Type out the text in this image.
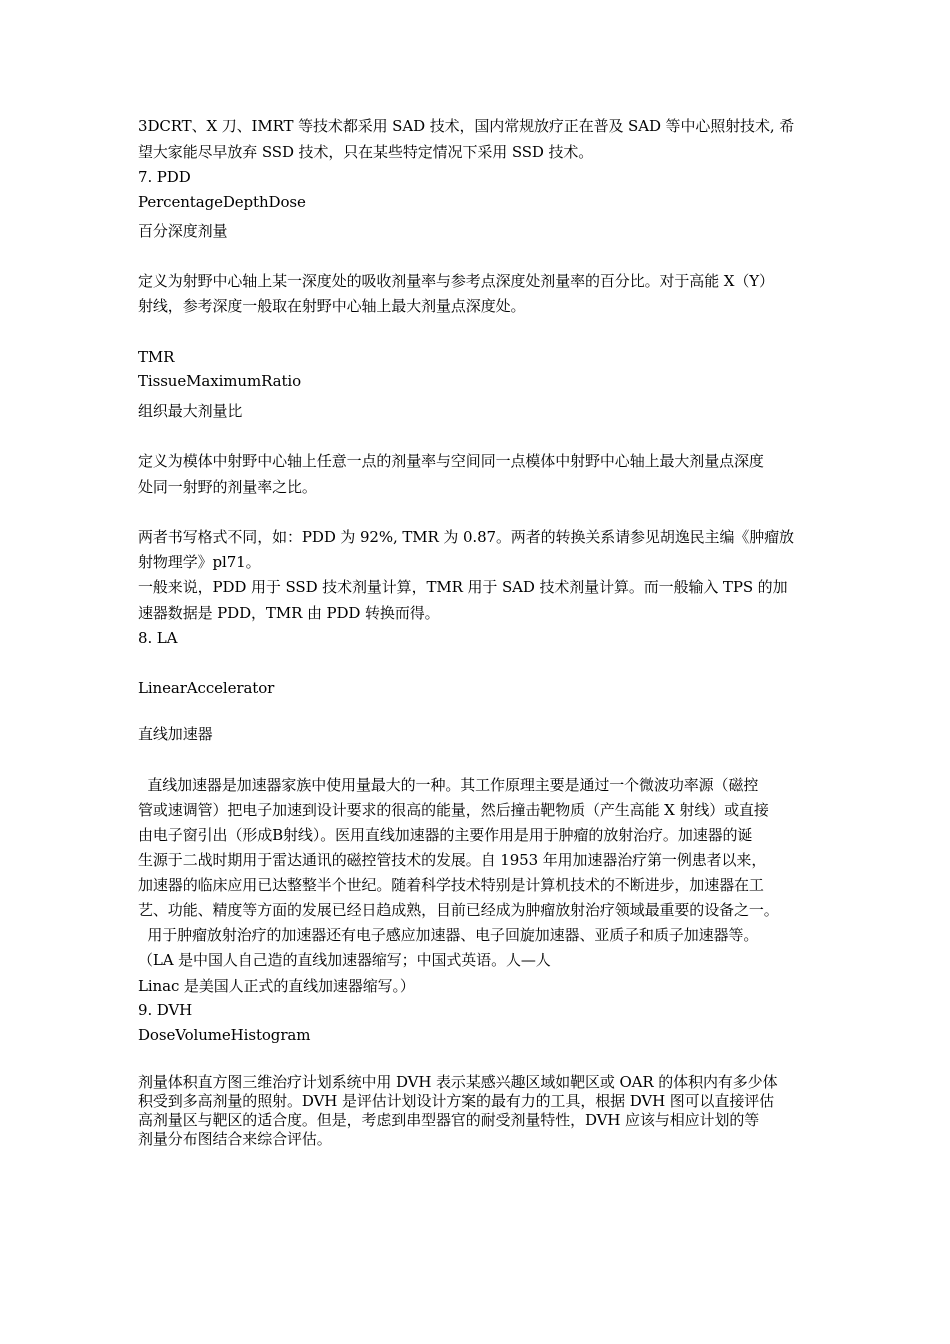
3DCRT、X 刀、IMRT 等技术都采用 SAD 技术，国内常规放疗正在普及 SAD 等中心照射技术, 希
望大家能尽早放弃 SSD 技术，只在某些特定情况下采用 SSD 技术。
7. PDD
PercentageDepthDose
百分深度剂量
定义为射野中心轴上某一深度处的吸收剂量率与参考点深度处剂量率的百分比。对于高能 X（Y）
射线，参考深度一般取在射野中心轴上最大剂量点深度处。
TMR
TissueMaximumRatio
组织最大剂量比
定义为模体中射野中心轴上任意一点的剂量率与空间同一点模体中射野中心轴上最大剂量点深度
处同一射野的剂量率之比。
两者书写格式不同，如：PDD 为 92%, TMR 为 0.87。两者的转换关系请参见胡逸民主编《肿瘤放
射物理学》pl71。
一般来说，PDD 用于 SSD 技术剂量计算，TMR 用于 SAD 技术剂量计算。而一般输入 TPS 的加
速器数据是 PDD，TMR 由 PDD 转换而得。
8. LA
LinearAccelerator
直线加速器
直线加速器是加速器家族中使用量最大的一种。其工作原理主要是通过一个微波功率源（磁控
管或速调管）把电子加速到设计要求的很高的能量，然后撞击靶物质（产生高能 X 射线）或直接
由电子窗引出（形成Β射线）。医用直线加速器的主要作用是用于肿瘤的放射治疗。加速器的诞
生源于二战时期用于雷达通讯的磁控管技术的发展。自 1953 年用加速器治疗第一例患者以来，
加速器的临床应用已达整整半个世纪。随着科学技术特别是计算机技术的不断进步，加速器在工
艺、功能、精度等方面的发展已经日趋成熟，目前已经成为肿瘤放射治疗领域最重要的设备之一。
用于肿瘤放射治疗的加速器还有电子感应加速器、电子回旋加速器、亚质子和质子加速器等。
（LA 是中国人自己造的直线加速器缩写；中国式英语。人—人
Linac 是美国人正式的直线加速器缩写。）
9. DVH
DoseVolumeHistogram
剂量体积直方图三维治疗计划系统中用 DVH 表示某感兴趣区域如靶区或 OAR 的体积内有多少体
积受到多高剂量的照射。DVH 是评估计划设计方案的最有力的工具，根据 DVH 图可以直接评估
高剂量区与靶区的适合度。但是，考虑到串型器官的耐受剂量特性，DVH 应该与相应计划的等
剂量分布图结合来综合评估。
